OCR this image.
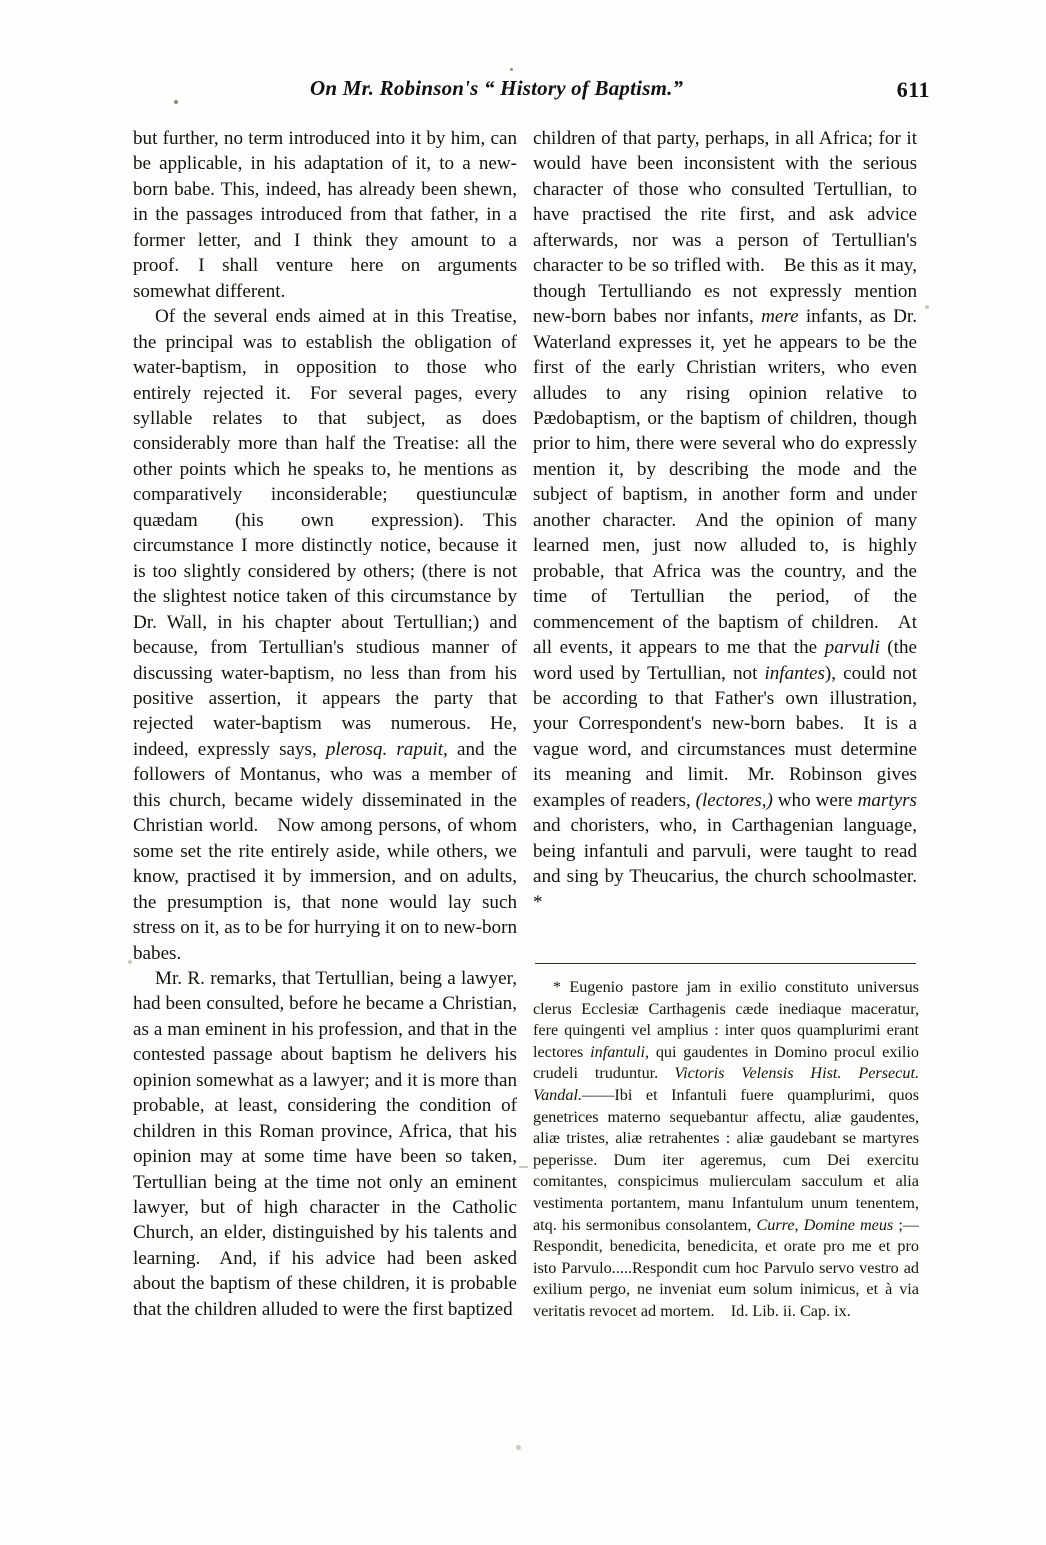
On Mr. Robinson's “ History of Baptism.”	611

but further, no term introduced into it by him, can be applicable, in his adaptation of it, to a new-born babe. This, indeed, has already been shewn, in the passages introduced from that father, in a former letter, and I think they amount to a proof. I shall venture here on arguments somewhat different.

Of the several ends aimed at in this Treatise, the principal was to establish the obligation of water-baptism, in opposition to those who entirely rejected it. For several pages, every syllable relates to that subject, as does considerably more than half the Treatise: all the other points which he speaks to, he mentions as comparatively inconsiderable; questiunculæ quædam (his own expression). This circumstance I more distinctly notice, because it is too slightly considered by others; (there is not the slightest notice taken of this circumstance by Dr. Wall, in his chapter about Tertullian;) and because, from Tertullian's studious manner of discussing water-baptism, no less than from his positive assertion, it appears the party that rejected water-baptism was numerous. He, indeed, expressly says, plerosq. rapuit, and the followers of Montanus, who was a member of this church, became widely disseminated in the Christian world. Now among persons, of whom some set the rite entirely aside, while others, we know, practised it by immersion, and on adults, the presumption is, that none would lay such stress on it, as to be for hurrying it on to new-born babes.

Mr. R. remarks, that Tertullian, being a lawyer, had been consulted, before he became a Christian, as a man eminent in his profession, and that in the contested passage about baptism he delivers his opinion somewhat as a lawyer; and it is more than probable, at least, considering the condition of children in this Roman province, Africa, that his opinion may at some time have been so taken, Tertullian being at the time not only an eminent lawyer, but of high character in the Catholic Church, an elder, distinguished by his talents and learning. And, if his advice had been asked about the baptism of these children, it is probable that the children alluded to were the first baptized

children of that party, perhaps, in all Africa; for it would have been inconsistent with the serious character of those who consulted Tertullian, to have practised the rite first, and ask advice afterwards, nor was a person of Tertullian's character to be so trifled with. Be this as it may, though Tertulliando es not expressly mention new-born babes nor infants, mere infants, as Dr. Waterland expresses it, yet he appears to be the first of the early Christian writers, who even alludes to any rising opinion relative to Pædobaptism, or the baptism of children, though prior to him, there were several who do expressly mention it, by describing the mode and the subject of baptism, in another form and under another character. And the opinion of many learned men, just now alluded to, is highly probable, that Africa was the country, and the time of Tertullian the period, of the commencement of the baptism of children. At all events, it appears to me that the parvuli (the word used by Tertullian, not infantes), could not be according to that Father's own illustration, your Correspondent's new-born babes. It is a vague word, and circumstances must determine its meaning and limit. Mr. Robinson gives examples of readers, (lectores,) who were martyrs and choristers, who, in Carthagenian language, being infantuli and parvuli, were taught to read and sing by Theucarius, the church schoolmaster. *

* Eugenio pastore jam in exilio constituto universus clerus Ecclesiæ Carthagenis cæde inediaque maceratur, fere quingenti vel amplius : inter quos quamplurimi erant lectores infantuli, qui gaudentes in Domino procul exilio crudeli truduntur. Victoris Velensis Hist. Persecut. Vandal.——Ibi et Infantuli fuere quamplurimi, quos genetrices materno sequebantur affectu, aliæ gaudentes, aliæ tristes, aliæ retrahentes : aliæ gaudebant se martyres peperisse. Dum iter ageremus, cum Dei exercitu comitantes, conspicimus mulierculam sacculum et alia vestimenta portantem, manu Infantulum unum tenentem, atq. his sermonibus consolantem, Curre, Domine meus ;—Respondit, benedicita, benedicita, et orate pro me et pro isto Parvulo.....Respondit cum hoc Parvulo servo vestro ad exilium pergo, ne inveniat eum solum inimicus, et à via veritatis revocet ad mortem. Id. Lib. ii. Cap. ix.
